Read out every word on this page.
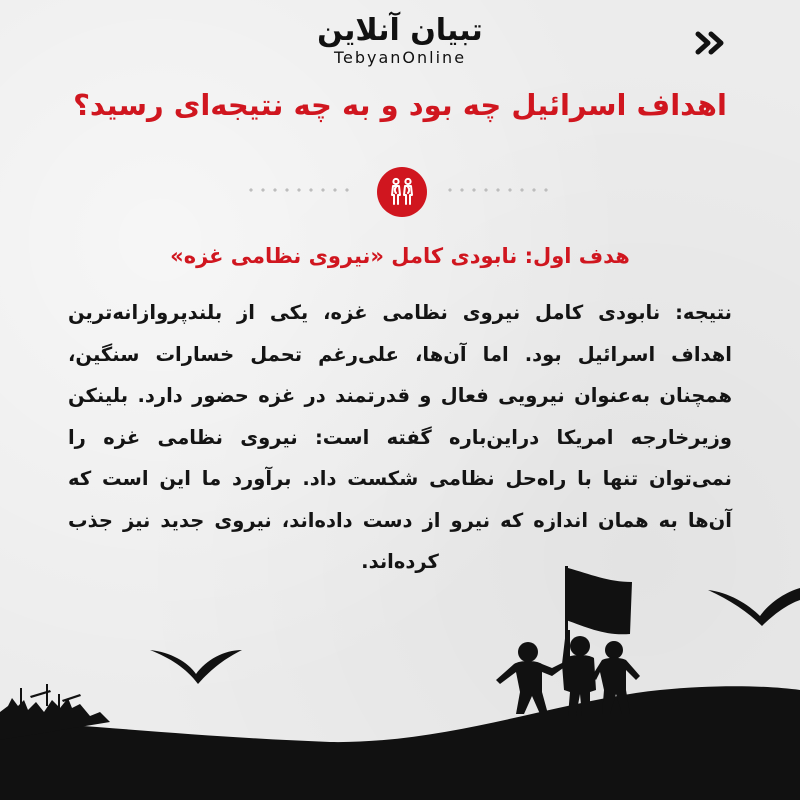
تبیان آنلاین
TebyanOnline
اهداف اسرائیل چه بود و به چه نتیجه‌ای رسید؟
هدف اول: نابودی کامل «نیروی نظامی غزه»
نتیجه: نابودی کامل نیروی نظامی غزه، یکی از بلندپروازانه‌ترین اهداف اسرائیل بود. اما آن‌ها، علی‌رغم تحمل خسارات سنگین، همچنان به‌عنوان نیرویی فعال و قدرتمند در غزه حضور دارد. بلینکن وزیرخارجه امریکا دراین‌باره گفته است: نیروی نظامی غزه را نمی‌توان تنها با راه‌حل نظامی شکست داد. برآورد ما این است که آن‌ها به همان اندازه که نیرو از دست داده‌اند، نیروی جدید نیز جذب کرده‌اند.
